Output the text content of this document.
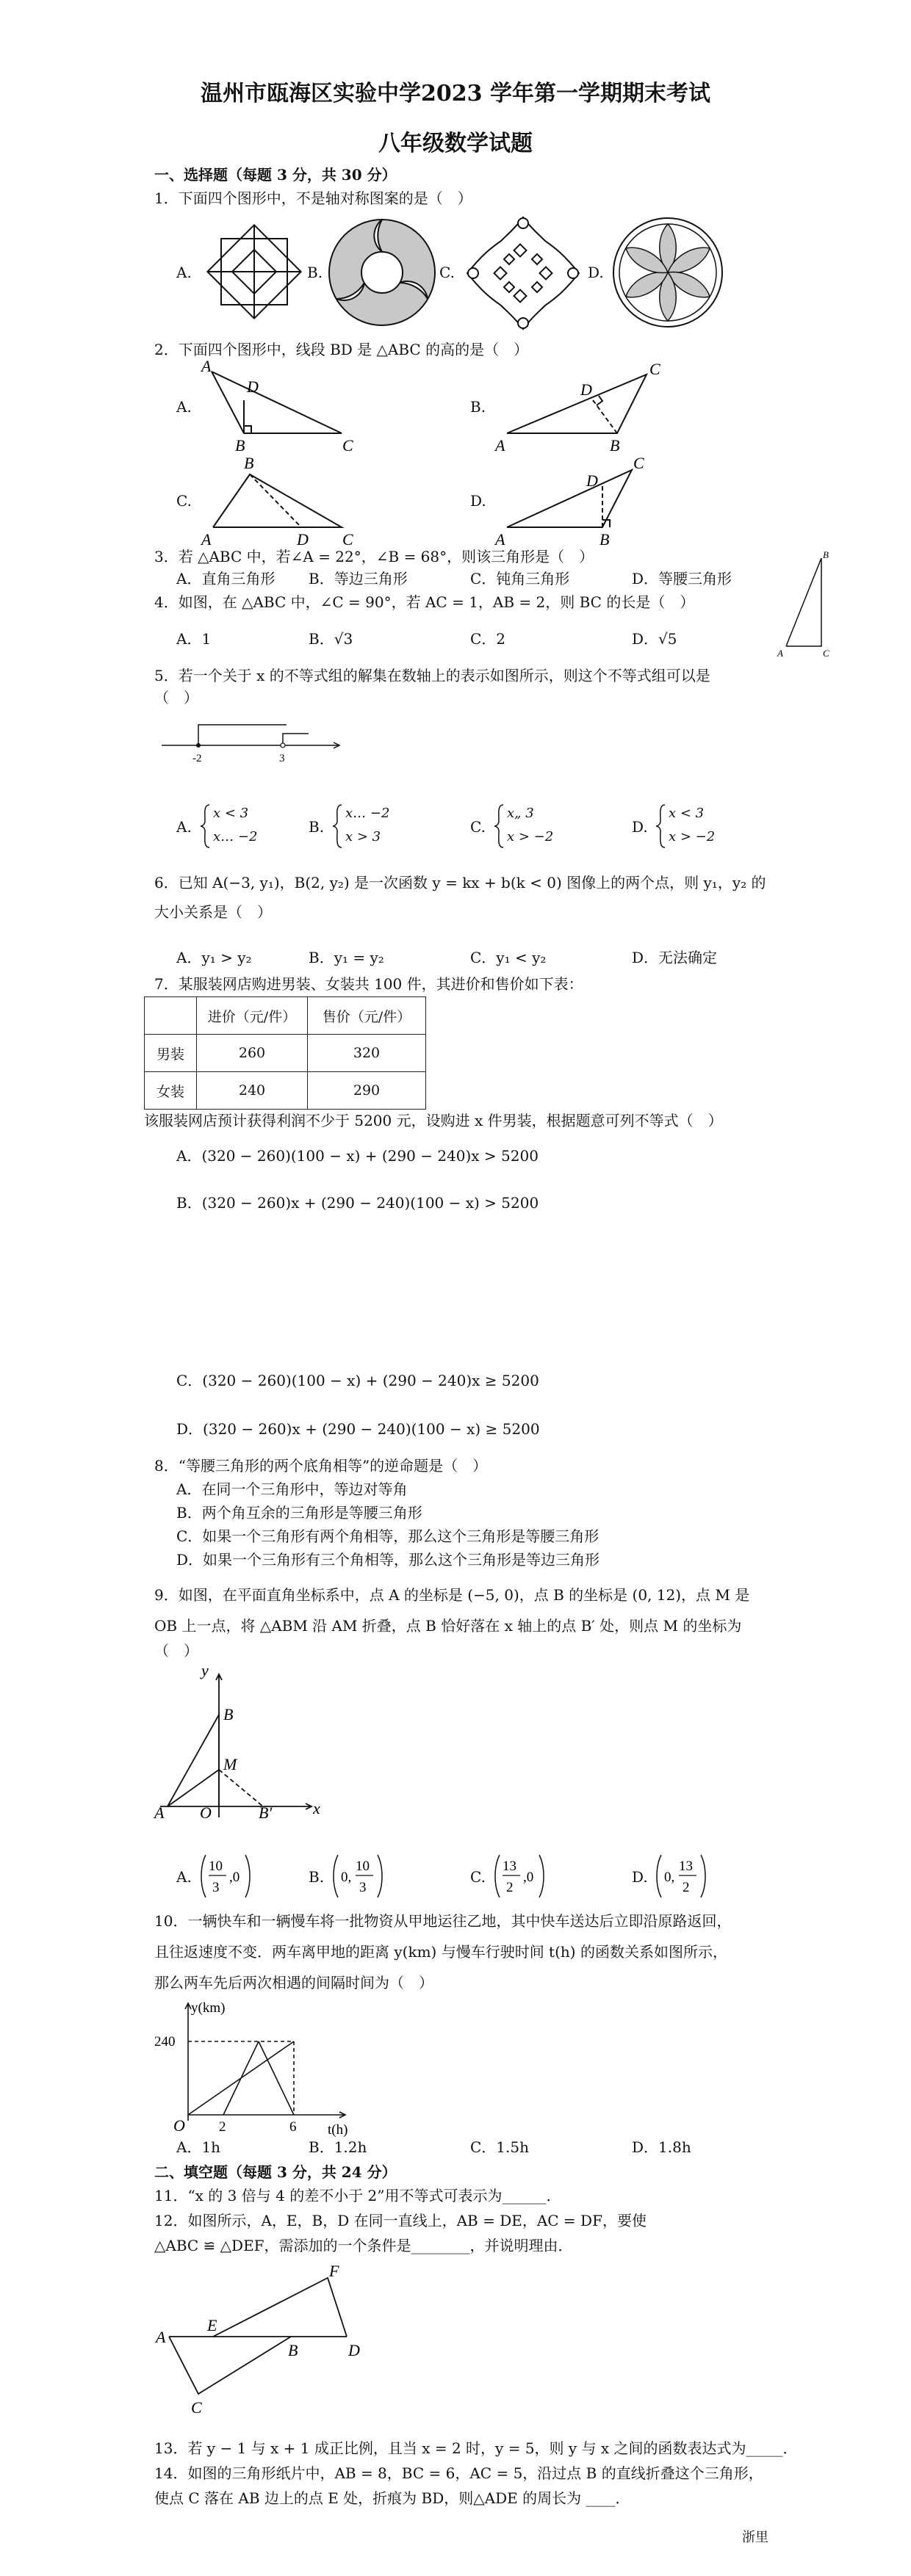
温州市瓯海区实验中学2023 学年第一学期期末考试
八年级数学试题
一、选择题（每题 3 分，共 30 分）
1．下面四个图形中，不是轴对称图案的是（　）
A.	B.	C.	D.
2．下面四个图形中，线段 BD 是 △ABC 的高的是（　）
A.
A
D
B	C
B.
A
D
B
C
C.
A
B
D C
D.
A
D
B
C
3．若 △ABC 中，若∠A = 22°，∠B = 68°，则该三角形是（　）
A．直角三角形 B．等边三角形	C．钝角三角形	D．等腰三角形
4．如图，在 △ABC 中，∠C = 90°，若 AC = 1，AB = 2，则 BC 的长是（　）
A．1	B．√3	C．2	D．√5
B
A	C
5．若一个关于 x 的不等式组的解集在数轴上的表示如图所示，则这个不等式组可以是
（　）
-2	3
A.
x < 3
x… −2
B.
x… −2
x > 3
C.
x„ 3
x > −2
D.
x < 3
x > −2
6．已知 A(−3, y₁)，B(2, y₂) 是一次函数 y = kx + b(k < 0) 图像上的两个点，则 y₁，y₂ 的
大小关系是（　）
A．y₁ > y₂	B．y₁ = y₂	C．y₁ < y₂	D．无法确定
7．某服装网店购进男装、女装共 100 件，其进价和售价如下表：
	进价（元/件）	售价（元/件）
男装	260	320
女装	240	290
该服装网店预计获得利润不少于 5200 元，设购进 x 件男装，根据题意可列不等式（　）
A．(320 − 260)(100 − x) + (290 − 240)x > 5200
B．(320 − 260)x + (290 − 240)(100 − x) > 5200
C．(320 − 260)(100 − x) + (290 − 240)x ≥ 5200
D．(320 − 260)x + (290 − 240)(100 − x) ≥ 5200
8．“等腰三角形的两个底角相等”的逆命题是（　）
A．在同一个三角形中，等边对等角
B．两个角互余的三角形是等腰三角形
C．如果一个三角形有两个角相等，那么这个三角形是等腰三角形
D．如果一个三角形有三个角相等，那么这个三角形是等边三角形
9．如图，在平面直角坐标系中，点 A 的坐标是 (−5, 0)，点 B 的坐标是 (0, 12)，点 M 是
OB 上一点，将 △ABM 沿 AM 折叠，点 B 恰好落在 x 轴上的点 B′ 处，则点 M 的坐标为
（　）
y
x
B
M
A O	B′
A.
10
3
,0	B. 0,
10
3
C.
13
2
,0	D. 0,
13
2
10．一辆快车和一辆慢车将一批物资从甲地运往乙地，其中快车送达后立即沿原路返回，
且往返速度不变．两车离甲地的距离 y(km) 与慢车行驶时间 t(h) 的函数关系如图所示，
那么两车先后两次相遇的间隔时间为（　）
y(km)
240
O 2	6 t(h)
A．1h	B．1.2h	C．1.5h	D．1.8h
二、填空题（每题 3 分，共 24 分）
11．“x 的 3 倍与 4 的差不小于 2”用不等式可表示为______．
12．如图所示，A，E，B，D 在同一直线上，AB = DE，AC = DF，要使
△ABC ≌ △DEF，需添加的一个条件是________，并说明理由．
A
E
B	D
F
C
13．若 y − 1 与 x + 1 成正比例，且当 x = 2 时，y = 5，则 y 与 x 之间的函数表达式为_____．
14．如图的三角形纸片中，AB = 8，BC = 6，AC = 5，沿过点 B 的直线折叠这个三角形，
使点 C 落在 AB 边上的点 E 处，折痕为 BD，则△ADE 的周长为 ____．
浙里
